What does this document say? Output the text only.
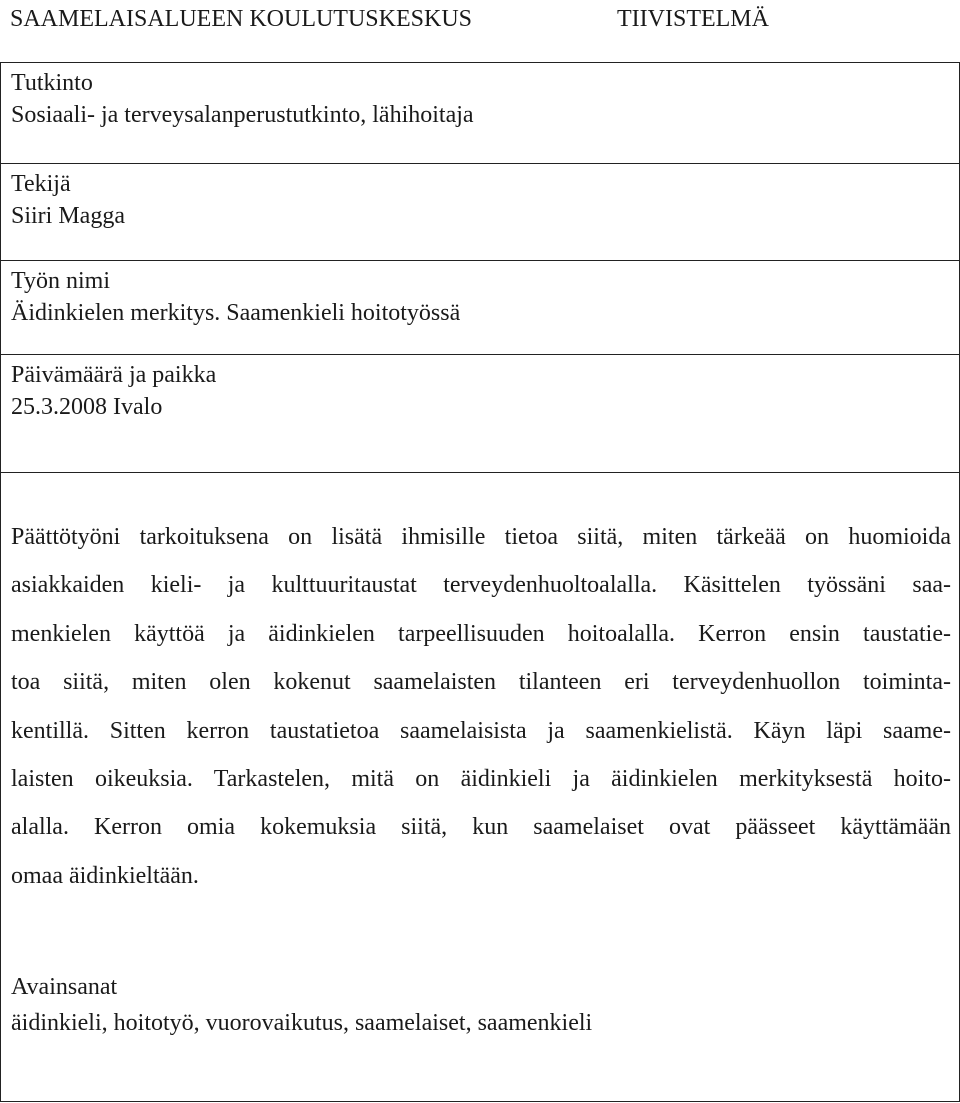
SAAMELAISALUEEN KOULUTUSKESKUS	TIIVISTELMÄ
Tutkinto
Sosiaali- ja terveysalanperustutkinto, lähihoitaja
Tekijä
Siiri Magga
Työn nimi
Äidinkielen merkitys. Saamenkieli hoitotyössä
Päivämäärä ja paikka
25.3.2008 Ivalo
Päättötyöni tarkoituksena on lisätä ihmisille tietoa siitä, miten tärkeää on huomioida
asiakkaiden kieli- ja kulttuuritaustat terveydenhuoltoalalla. Käsittelen työssäni saa-
menkielen käyttöä ja äidinkielen tarpeellisuuden hoitoalalla. Kerron ensin taustatie-
toa siitä, miten olen kokenut saamelaisten tilanteen eri terveydenhuollon toiminta-
kentillä. Sitten kerron taustatietoa saamelaisista ja saamenkielistä. Käyn läpi saame-
laisten oikeuksia. Tarkastelen, mitä on äidinkieli ja äidinkielen merkityksestä hoito-
alalla. Kerron omia kokemuksia siitä, kun saamelaiset ovat päässeet käyttämään
omaa äidinkieltään.
Avainsanat
äidinkieli, hoitotyö, vuorovaikutus, saamelaiset, saamenkieli
